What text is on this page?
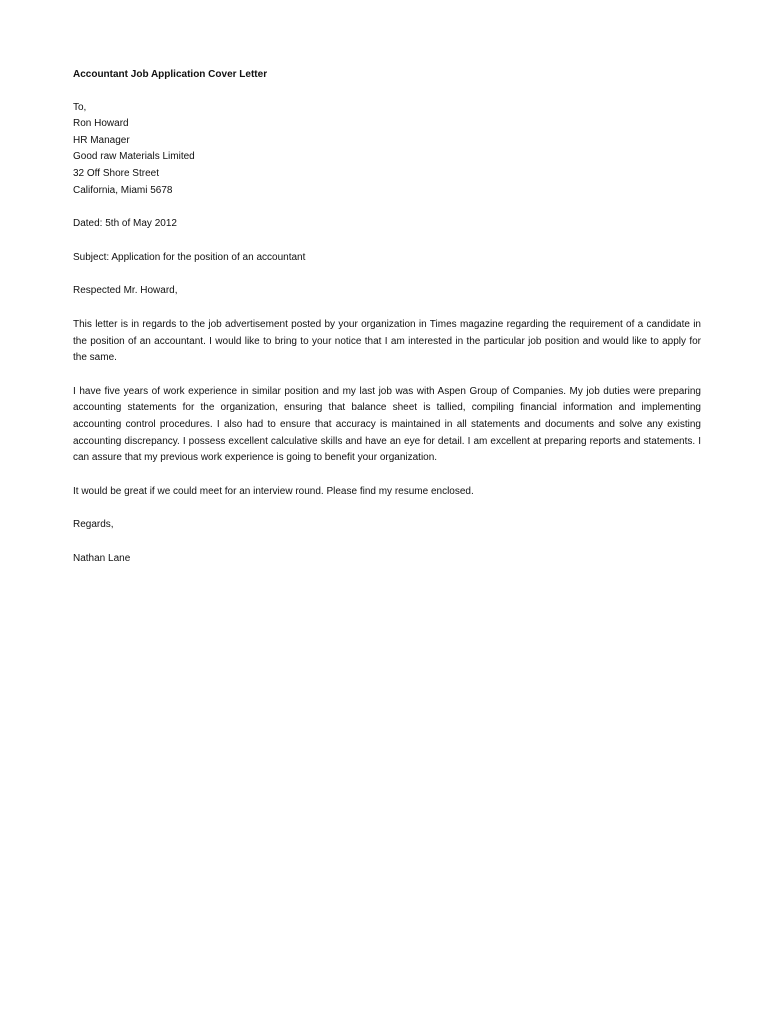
Accountant Job Application Cover Letter
To,
Ron Howard
HR Manager
Good raw Materials Limited
32 Off Shore Street
California, Miami 5678
Dated: 5th of May 2012
Subject: Application for the position of an accountant
Respected Mr. Howard,
This letter is in regards to the job advertisement posted by your organization in Times magazine regarding the requirement of a candidate in the position of an accountant. I would like to bring to your notice that I am interested in the particular job position and would like to apply for the same.
I have five years of work experience in similar position and my last job was with Aspen Group of Companies. My job duties were preparing accounting statements for the organization, ensuring that balance sheet is tallied, compiling financial information and implementing accounting control procedures. I also had to ensure that accuracy is maintained in all statements and documents and solve any existing accounting discrepancy. I possess excellent calculative skills and have an eye for detail. I am excellent at preparing reports and statements. I can assure that my previous work experience is going to benefit your organization.
It would be great if we could meet for an interview round. Please find my resume enclosed.
Regards,
Nathan Lane
